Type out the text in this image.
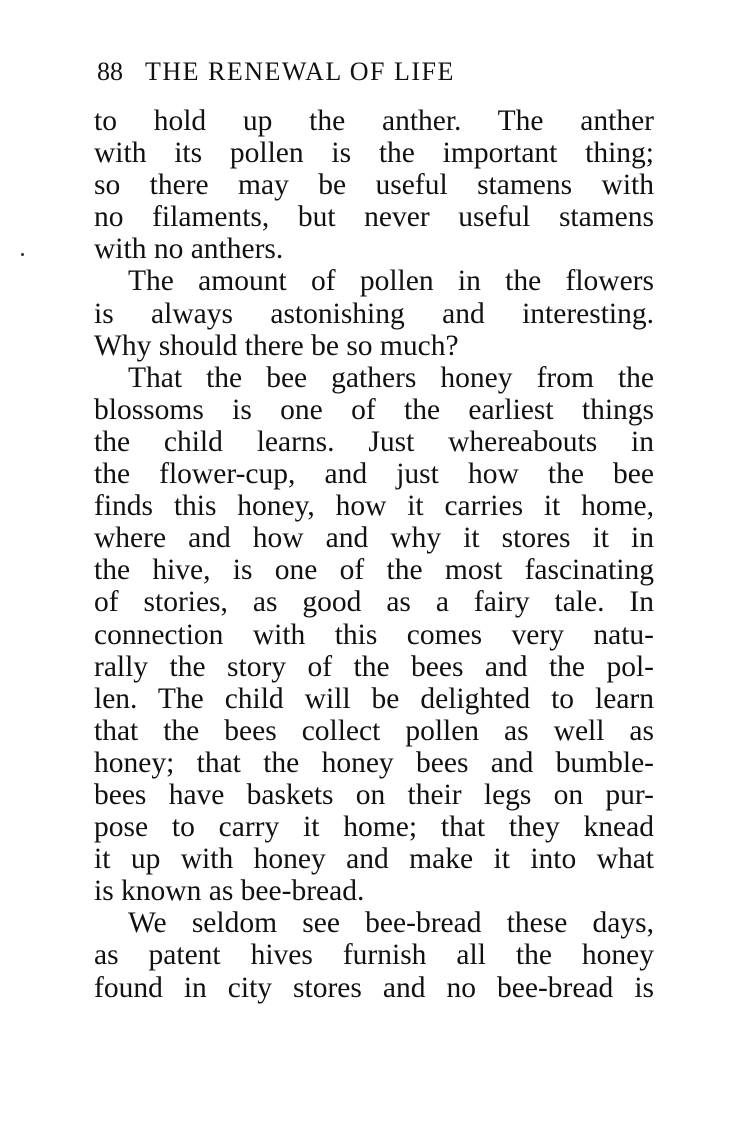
88 THE RENEWAL OF LIFE
to hold up the anther. The anther
with its pollen is the important thing;
so there may be useful stamens with
no filaments, but never useful stamens
with no anthers.
The amount of pollen in the flowers
is always astonishing and interesting.
Why should there be so much?
That the bee gathers honey from the
blossoms is one of the earliest things
the child learns. Just whereabouts in
the flower-cup, and just how the bee
finds this honey, how it carries it home,
where and how and why it stores it in
the hive, is one of the most fascinating
of stories, as good as a fairy tale. In
connection with this comes very natu-
rally the story of the bees and the pol-
len. The child will be delighted to learn
that the bees collect pollen as well as
honey; that the honey bees and bumble-
bees have baskets on their legs on pur-
pose to carry it home; that they knead
it up with honey and make it into what
is known as bee-bread.
We seldom see bee-bread these days,
as patent hives furnish all the honey
found in city stores and no bee-bread is
